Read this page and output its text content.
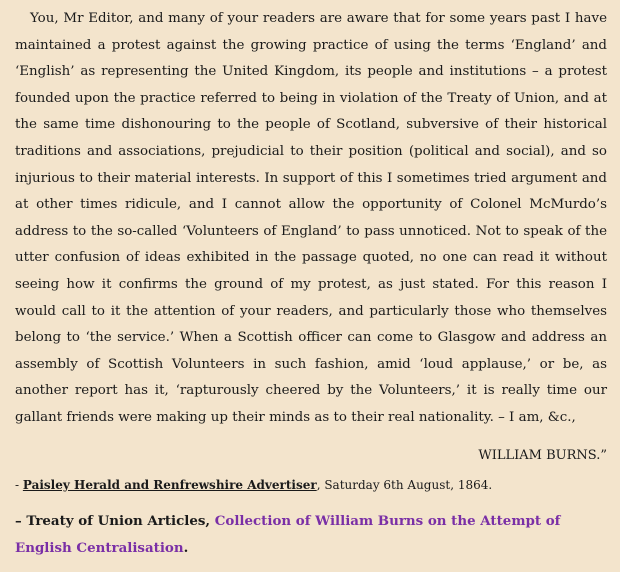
You, Mr Editor, and many of your readers are aware that for some years past I have maintained a protest against the growing practice of using the terms ‘England’ and ‘English’ as representing the United Kingdom, its people and institutions – a protest founded upon the practice referred to being in violation of the Treaty of Union, and at the same time dishonouring to the people of Scotland, subversive of their historical traditions and associations, prejudicial to their position (political and social), and so injurious to their material interests. In support of this I sometimes tried argument and at other times ridicule, and I cannot allow the opportunity of Colonel McMurdo’s address to the so-called ‘Volunteers of England’ to pass unnoticed. Not to speak of the utter confusion of ideas exhibited in the passage quoted, no one can read it without seeing how it confirms the ground of my protest, as just stated. For this reason I would call to it the attention of your readers, and particularly those who themselves belong to ‘the service.’ When a Scottish officer can come to Glasgow and address an assembly of Scottish Volunteers in such fashion, amid ‘loud applause,’ or be, as another report has it, ‘rapturously cheered by the Volunteers,’ it is really time our gallant friends were making up their minds as to their real nationality. – I am, &c.,

WILLIAM BURNS.”

- Paisley Herald and Renfrewshire Advertiser, Saturday 6th August, 1864.

– Treaty of Union Articles, Collection of William Burns on the Attempt of English Centralisation.
